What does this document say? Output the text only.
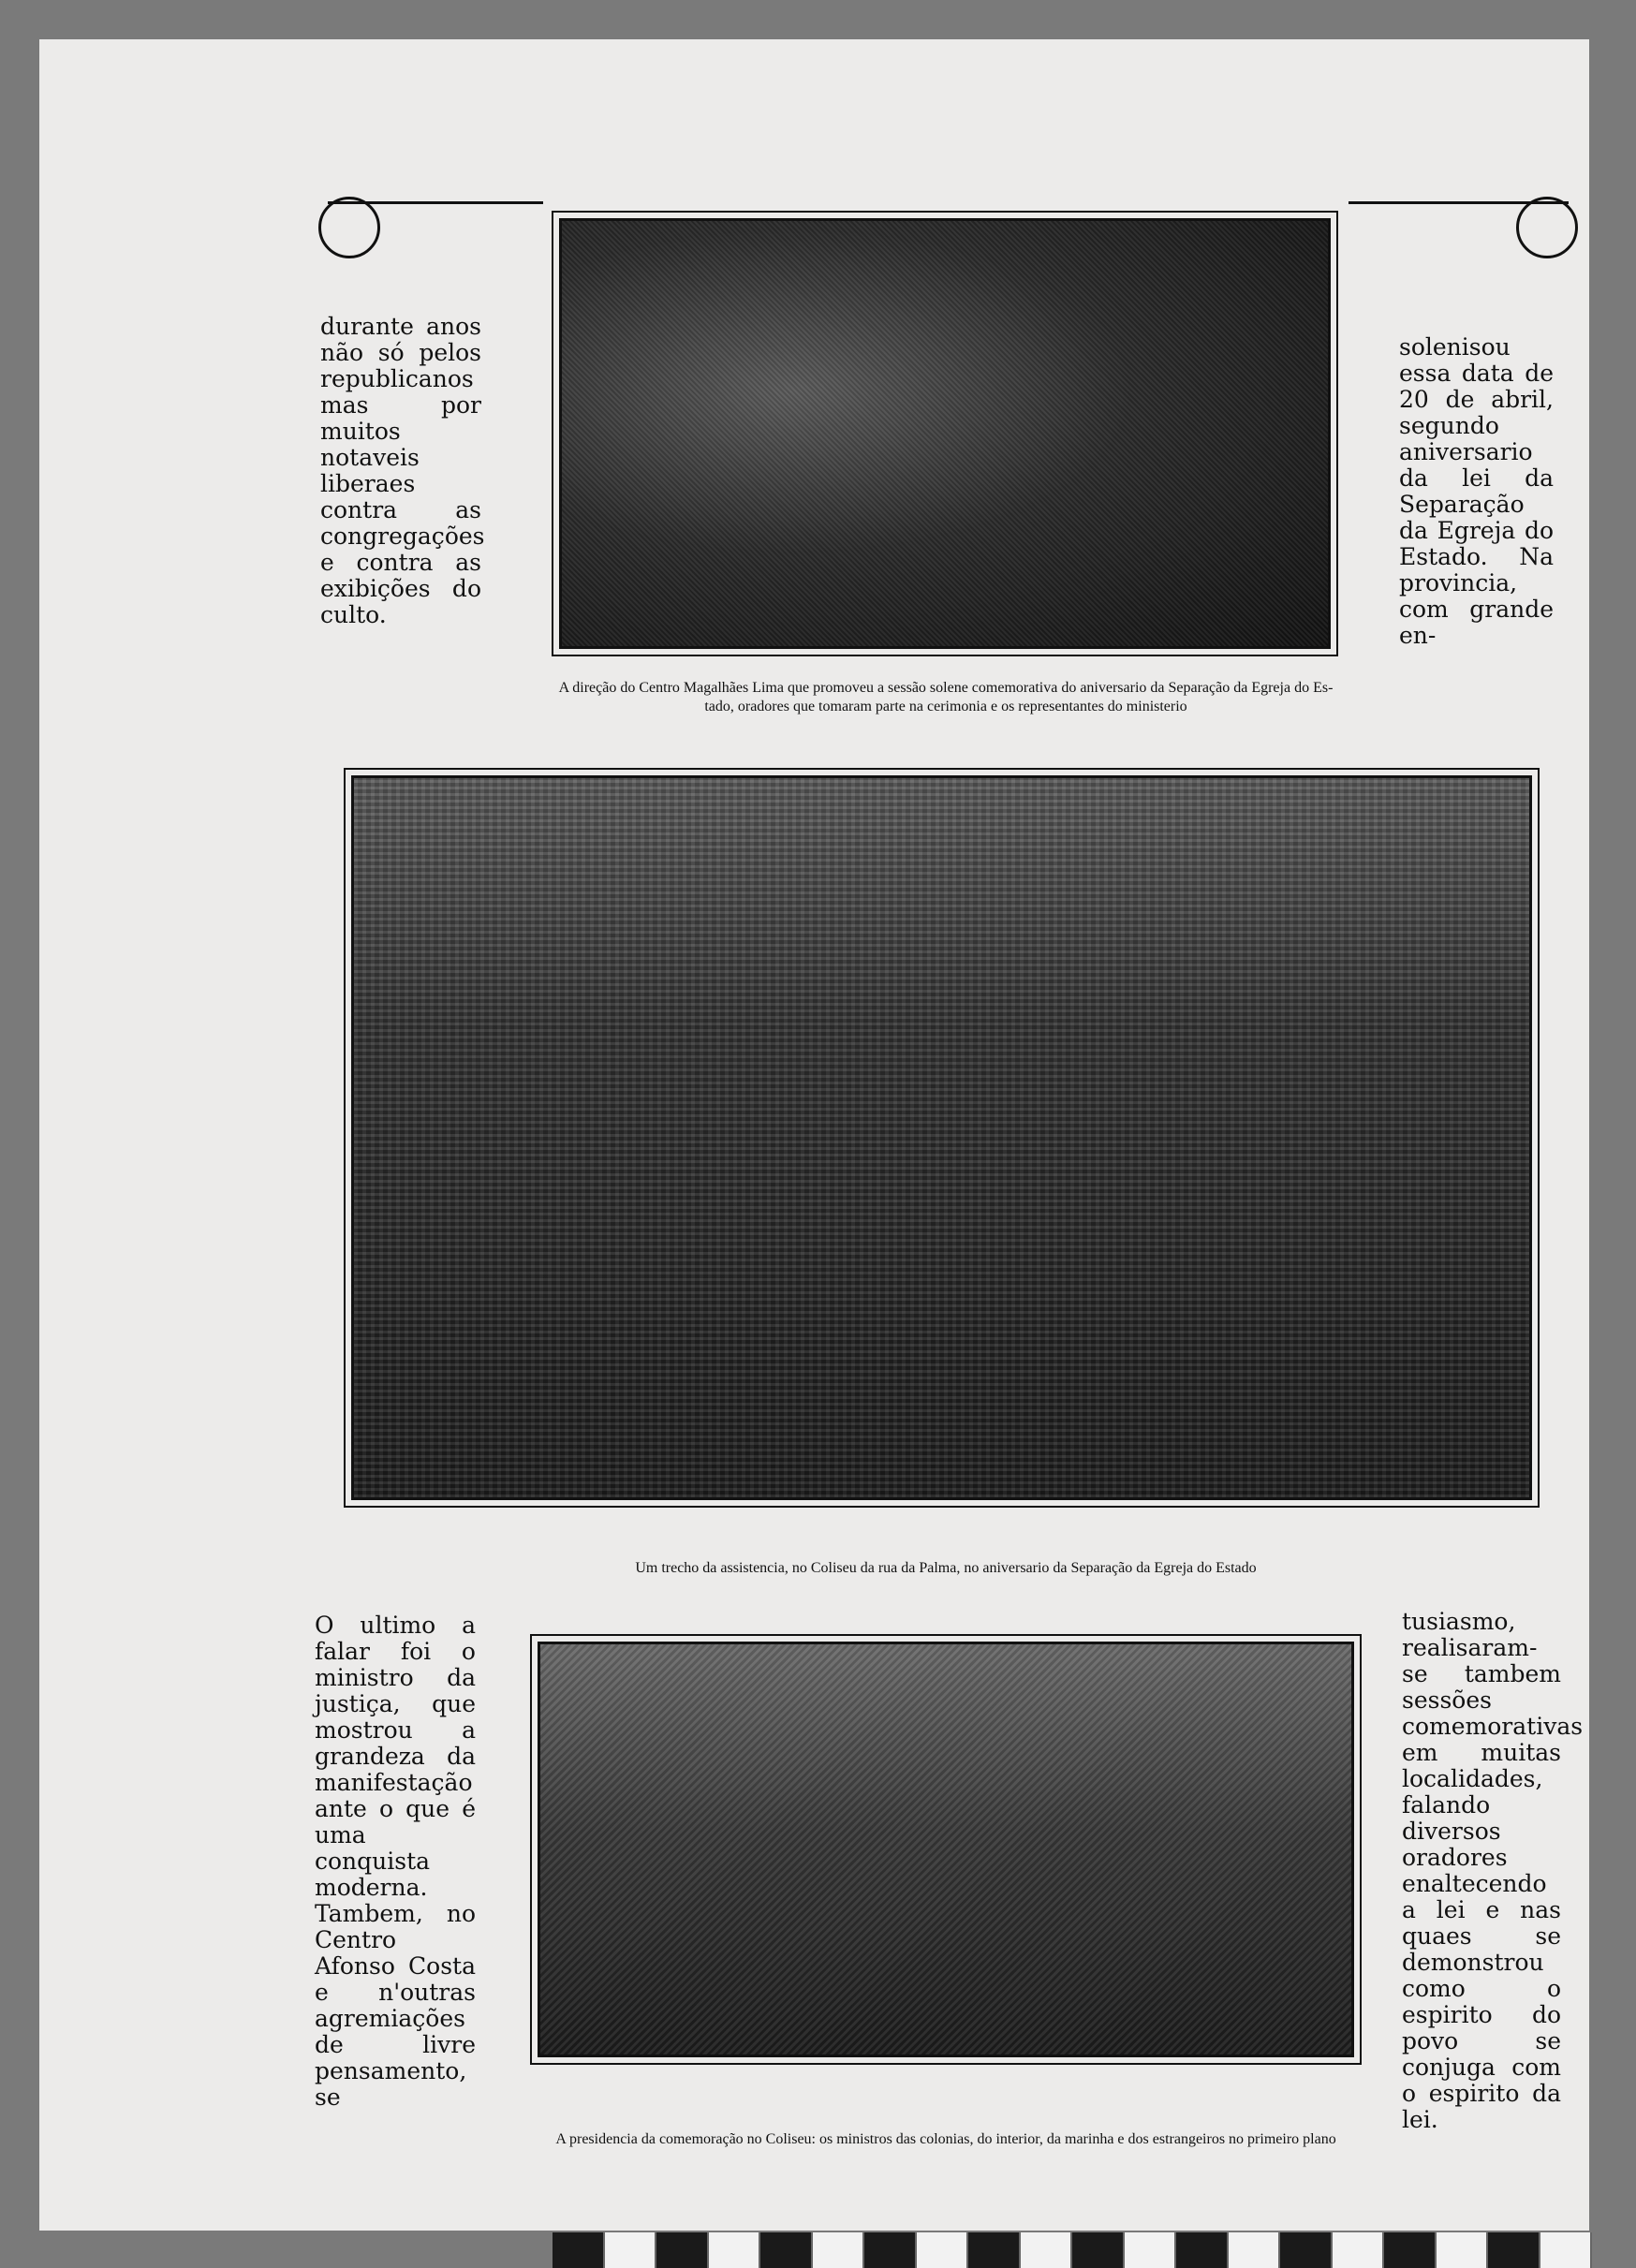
durante anos não só pelos republicanos mas por muitos notaveis liberaes contra as congregações e contra as exibições do culto.

solenisou essa data de 20 de abril, segundo aniversario da lei da Separação da Egreja do Estado. Na provincia, com grande en-

A direção do Centro Magalhães Lima que promoveu a sessão solene comemorativa do aniversario da Separação da Egreja do Es-
tado, oradores que tomaram parte na cerimonia e os representantes do ministerio
Um trecho da assistencia, no Coliseu da rua da Palma, no aniversario da Separação da Egreja do Estado

O ultimo a falar foi o ministro da justiça, que mostrou a grandeza da manifestação ante o que é uma conquista moderna.

Tambem, no Centro Afonso Costa e n'outras agremiações de livre pensamento, se

tusiasmo, realisaram-se tambem sessões comemorativas em muitas localidades, falando diversos oradores enaltecendo a lei e nas quaes se demonstrou como o espirito do povo se conjuga com o espirito da lei.

A presidencia da comemoração no Coliseu: os ministros das colonias, do interior, da marinha e dos estrangeiros no primeiro plano
